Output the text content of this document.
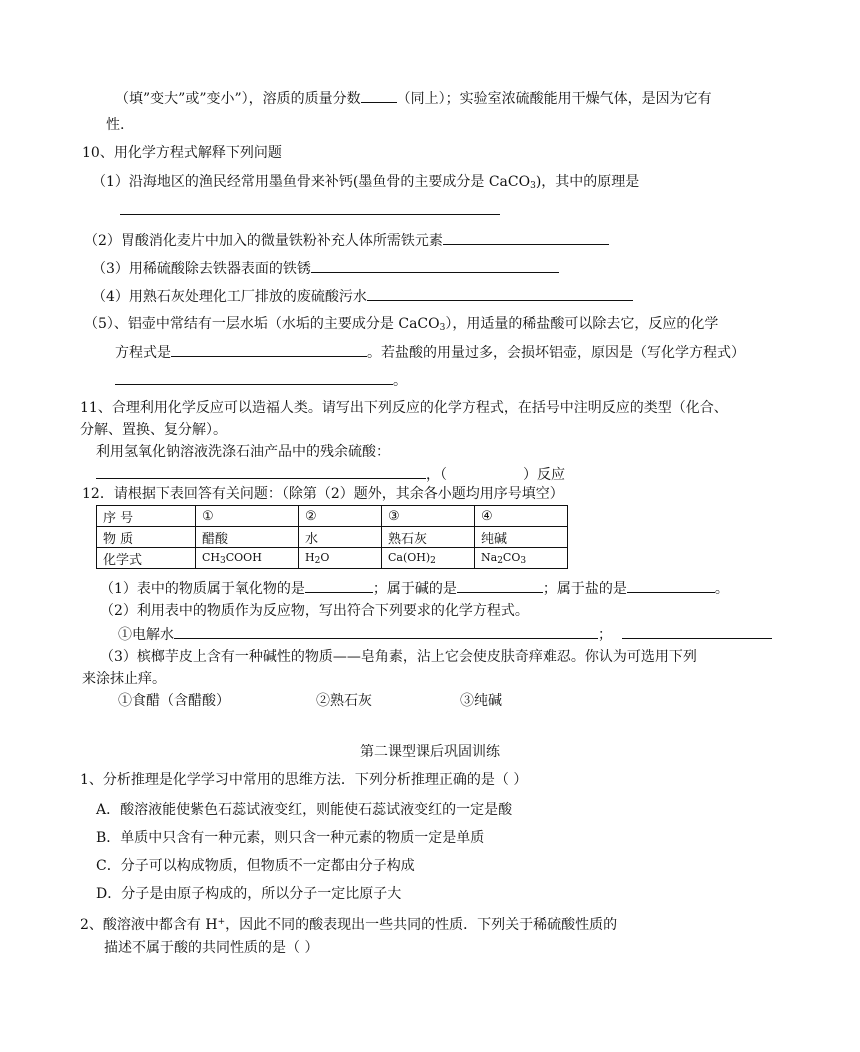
（填”变大”或”变小”），溶质的质量分数	（同上）；实验室浓硫酸能用干燥气体，是因为它有
性.
10、用化学方程式解释下列问题
（1）沿海地区的渔民经常用墨鱼骨来补钙(墨鱼骨的主要成分是 CaCO$_3$)，其中的原理是
（2）胃酸消化麦片中加入的微量铁粉补充人体所需铁元素
（3）用稀硫酸除去铁器表面的铁锈
（4）用熟石灰处理化工厂排放的废硫酸污水
（5）、铝壶中常结有一层水垢（水垢的主要成分是 CaCO$_3$），用适量的稀盐酸可以除去它，反应的化学
方程式是	。若盐酸的用量过多，会损坏铝壶，原因是（写化学方程式）
。
11、合理利用化学反应可以造福人类。请写出下列反应的化学方程式，在括号中注明反应的类型（化合、
分解、置换、复分解）。
利用氢氧化钠溶液洗涤石油产品中的残余硫酸：
，（	）反应
12．请根据下表回答有关问题：（除第（2）题外，其余各小题均用序号填空）
序 号	①	②	③	④
物 质	醋酸	水	熟石灰	纯碱
化学式	$CH_3COOH$	$H_2O$	$Ca(OH)_2$	$Na_2CO_3$
（1）表中的物质属于氧化物的是	；属于碱的是	；属于盐的是	。
（2）利用表中的物质作为反应物，写出符合下列要求的化学方程式。
①电解水	；
（3）槟榔芋皮上含有一种碱性的物质——皂角素，沾上它会使皮肤奇痒难忍。你认为可选用下列
来涂抹止痒。
①食醋（含醋酸）	②熟石灰	③纯碱
第二课型课后巩固训练
1、分析推理是化学学习中常用的思维方法．下列分析推理正确的是（ ）
A．酸溶液能使紫色石蕊试液变红，则能使石蕊试液变红的一定是酸
B．单质中只含有一种元素，则只含一种元素的物质一定是单质
C．分子可以构成物质，但物质不一定都由分子构成
D．分子是由原子构成的，所以分子一定比原子大
2、酸溶液中都含有 H+，因此不同的酸表现出一些共同的性质．下列关于稀硫酸性质的
描述不属于酸的共同性质的是（ ）
